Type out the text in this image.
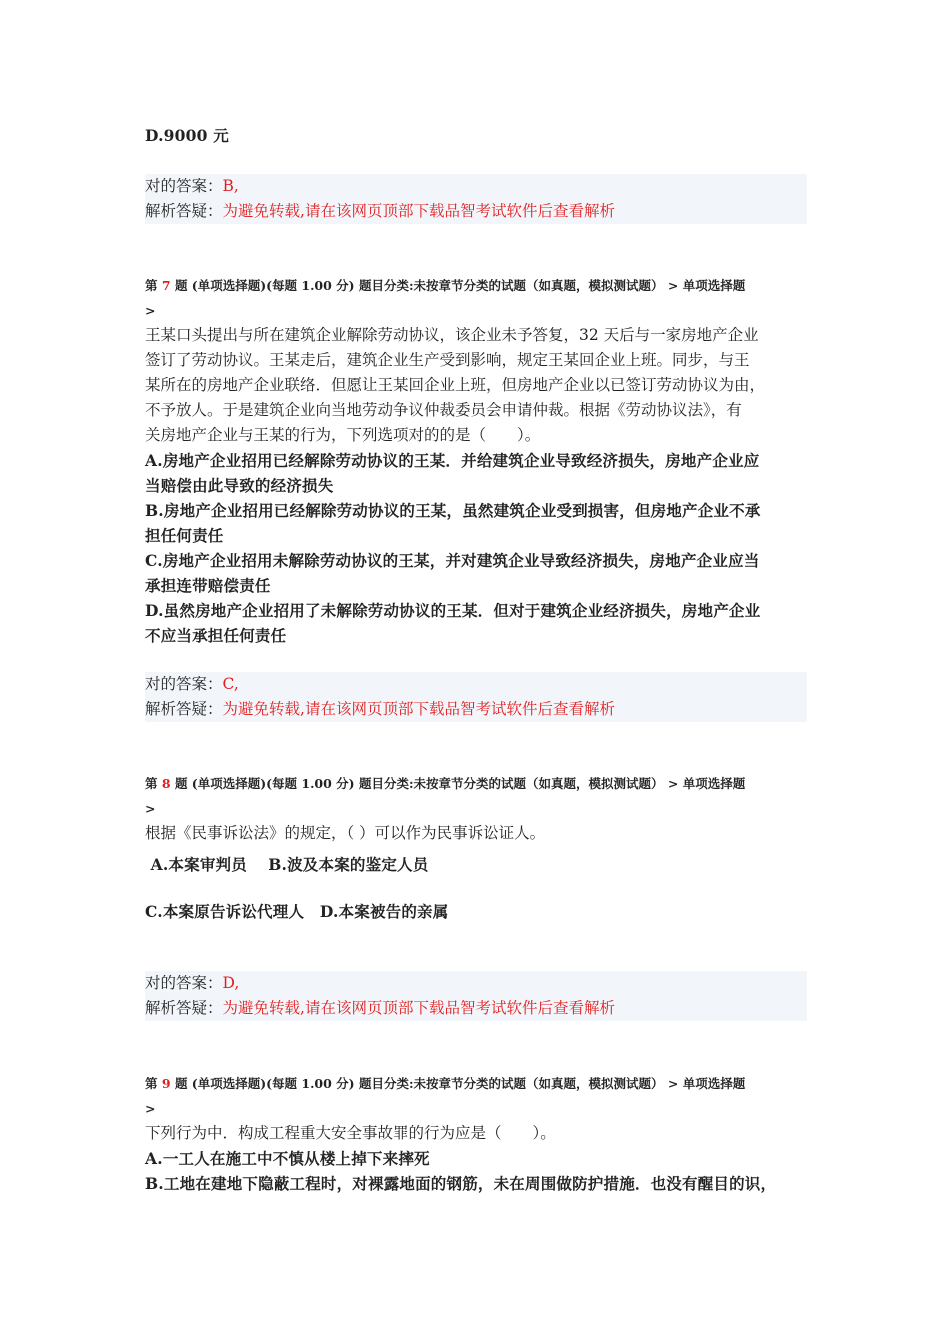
D.9000 元
对的答案：B,
解析答疑：为避免转载,请在该网页顶部下载品智考试软件后查看解析
第 7 题 (单项选择题)(每题 1.00 分) 题目分类:未按章节分类的试题（如真题，模拟测试题） > 单项选择题
>
王某口头提出与所在建筑企业解除劳动协议，该企业未予答复，32 天后与一家房地产企业
签订了劳动协议。王某走后，建筑企业生产受到影响，规定王某回企业上班。同步，与王
某所在的房地产企业联络．但愿让王某回企业上班，但房地产企业以已签订劳动协议为由，
不予放人。于是建筑企业向当地劳动争议仲裁委员会申请仲裁。根据《劳动协议法》，有
关房地产企业与王某的行为，下列选项对的的是（　　）。
A.房地产企业招用已经解除劳动协议的王某．并给建筑企业导致经济损失，房地产企业应
当赔偿由此导致的经济损失
B.房地产企业招用已经解除劳动协议的王某，虽然建筑企业受到损害，但房地产企业不承
担任何责任
C.房地产企业招用未解除劳动协议的王某，并对建筑企业导致经济损失，房地产企业应当
承担连带赔偿责任
D.虽然房地产企业招用了未解除劳动协议的王某．但对于建筑企业经济损失，房地产企业
不应当承担任何责任
对的答案：C,
解析答疑：为避免转载,请在该网页顶部下载品智考试软件后查看解析
第 8 题 (单项选择题)(每题 1.00 分) 题目分类:未按章节分类的试题（如真题，模拟测试题） > 单项选择题
>
根据《民事诉讼法》的规定，（ ）可以作为民事诉讼证人。
A.本案审判员　 B.波及本案的鉴定人员
C.本案原告诉讼代理人　D.本案被告的亲属
对的答案：D,
解析答疑：为避免转载,请在该网页顶部下载品智考试软件后查看解析
第 9 题 (单项选择题)(每题 1.00 分) 题目分类:未按章节分类的试题（如真题，模拟测试题） > 单项选择题
>
下列行为中．构成工程重大安全事故罪的行为应是（　　）。
A.一工人在施工中不慎从楼上掉下来摔死
B.工地在建地下隐蔽工程时，对裸露地面的钢筋，未在周围做防护措施．也没有醒目的识，
